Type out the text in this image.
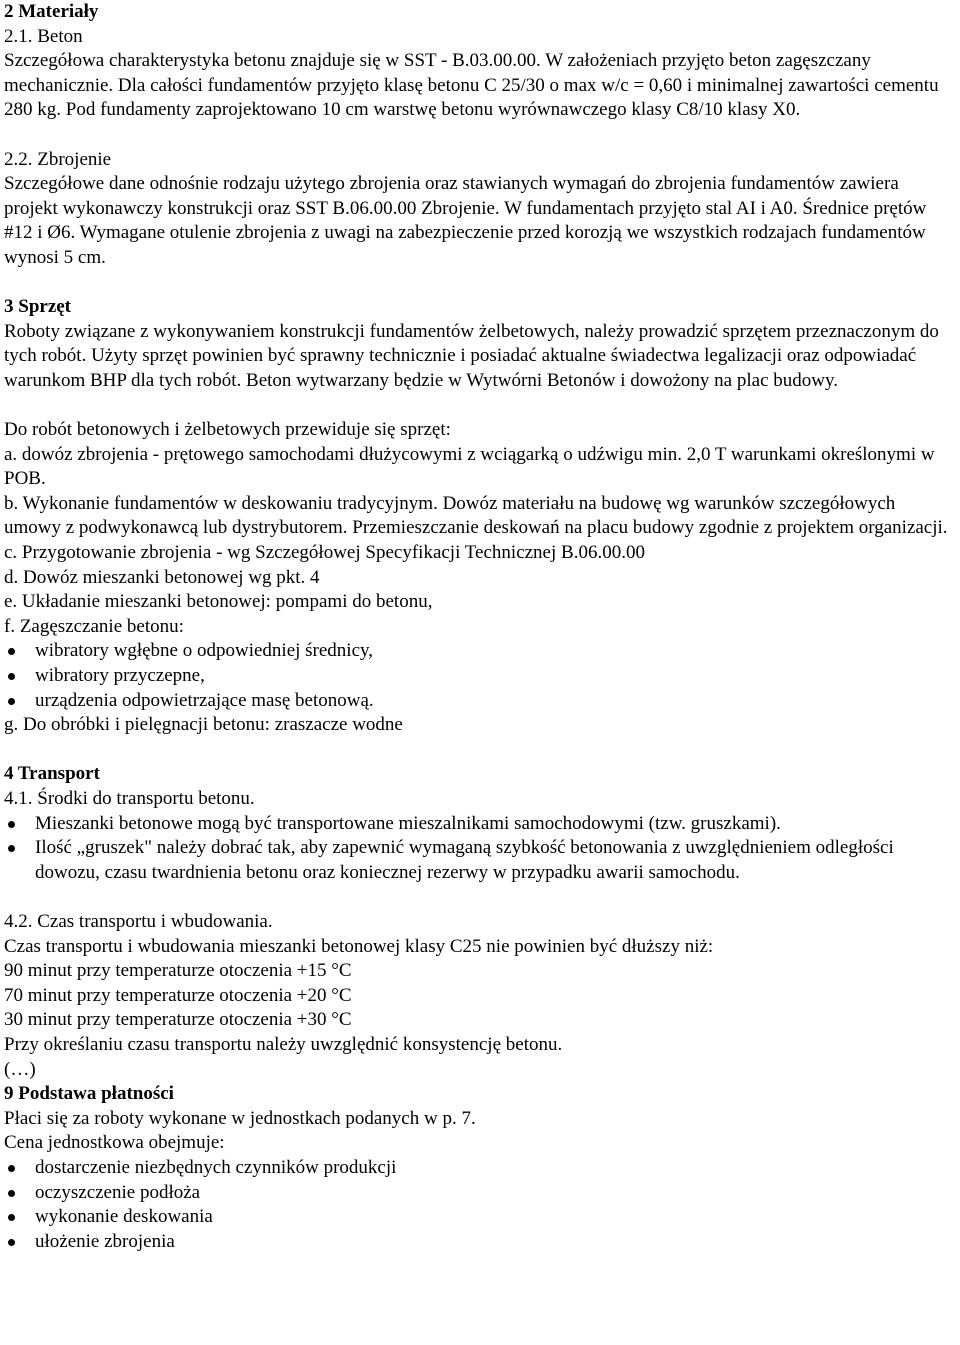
2 Materiały

2.1. Beton

Szczegółowa charakterystyka betonu znajduje się w SST - B.03.00.00. W założeniach przyjęto beton zagęszczany mechanicznie. Dla całości fundamentów przyjęto klasę betonu C 25/30 o max w/c = 0,60 i minimalnej zawartości cementu 280 kg. Pod fundamenty zaprojektowano 10 cm warstwę betonu wyrównawczego klasy C8/10 klasy X0.

2.2. Zbrojenie

Szczegółowe dane odnośnie rodzaju użytego zbrojenia oraz stawianych wymagań do zbrojenia fundamentów zawiera projekt wykonawczy konstrukcji oraz SST B.06.00.00 Zbrojenie. W fundamentach przyjęto stal AI i A0. Średnice prętów #12 i Ø6. Wymagane otulenie zbrojenia z uwagi na zabezpieczenie przed korozją we wszystkich rodzajach fundamentów wynosi 5 cm.

3 Sprzęt

Roboty związane z wykonywaniem konstrukcji fundamentów żelbetowych, należy prowadzić sprzętem przeznaczonym do tych robót. Użyty sprzęt powinien być sprawny technicznie i posiadać aktualne świadectwa legalizacji oraz odpowiadać warunkom BHP dla tych robót. Beton wytwarzany będzie w Wytwórni Betonów i dowożony na plac budowy.

Do robót betonowych i żelbetowych przewiduje się sprzęt:

a. dowóz zbrojenia - prętowego samochodami dłużycowymi z wciągarką o udźwigu min. 2,0 T warunkami określonymi w POB.

b. Wykonanie fundamentów w deskowaniu tradycyjnym. Dowóz materiału na budowę wg warunków szczegółowych umowy z podwykonawcą lub dystrybutorem. Przemieszczanie deskowań na placu budowy zgodnie z projektem organizacji.

c. Przygotowanie zbrojenia - wg Szczegółowej Specyfikacji Technicznej B.06.00.00

d. Dowóz mieszanki betonowej wg pkt. 4

e. Układanie mieszanki betonowej: pompami do betonu,

f. Zagęszczanie betonu:

wibratory wgłębne o odpowiedniej średnicy,
wibratory przyczepne,
urządzenia odpowietrzające masę betonową.

g. Do obróbki i pielęgnacji betonu: zraszacze wodne

4 Transport

4.1. Środki do transportu betonu.

Mieszanki betonowe mogą być transportowane mieszalnikami samochodowymi (tzw. gruszkami).
Ilość „gruszek" należy dobrać tak, aby zapewnić wymaganą szybkość betonowania z uwzględnieniem odległości dowozu, czasu twardnienia betonu oraz koniecznej rezerwy w przypadku awarii samochodu.

4.2. Czas transportu i wbudowania.

Czas transportu i wbudowania mieszanki betonowej klasy C25 nie powinien być dłuższy niż:

90 minut przy temperaturze otoczenia +15 °C

70 minut przy temperaturze otoczenia +20 °C

30 minut przy temperaturze otoczenia +30 °C

Przy określaniu czasu transportu należy uwzględnić konsystencję betonu.

(…)

9 Podstawa płatności

Płaci się za roboty wykonane w jednostkach podanych w p. 7.

Cena jednostkowa obejmuje:

dostarczenie niezbędnych czynników produkcji
oczyszczenie podłoża
wykonanie deskowania
ułożenie zbrojenia
